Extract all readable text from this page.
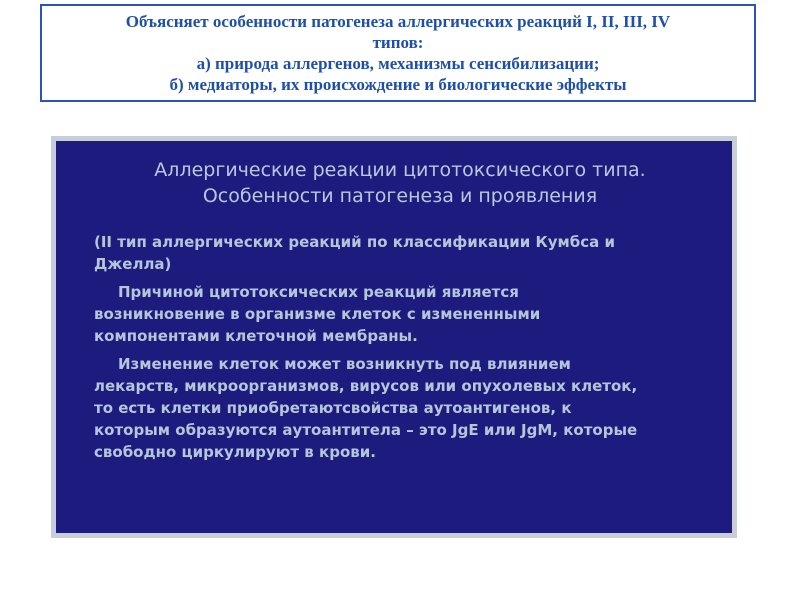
Объясняет особенности патогенеза аллергических реакций I, II, III, IV
типов:
а) природа аллергенов, механизмы сенсибилизации;
б) медиаторы, их происхождение и биологические эффекты
Аллергические реакции цитотоксического типа.
Особенности патогенеза и проявления
(II тип аллергических реакций по классификации Кумбса и
Джелла)
Причиной цитотоксических реакций является
возникновение в организме клеток с измененными
компонентами клеточной мембраны.
Изменение клеток может возникнуть под влиянием
лекарств, микроорганизмов, вирусов или опухолевых клеток,
то есть клетки приобретаютсвойства аутоантигенов, к
которым образуются аутоантитела – это JgE или JgM, которые
свободно циркулируют в крови.
